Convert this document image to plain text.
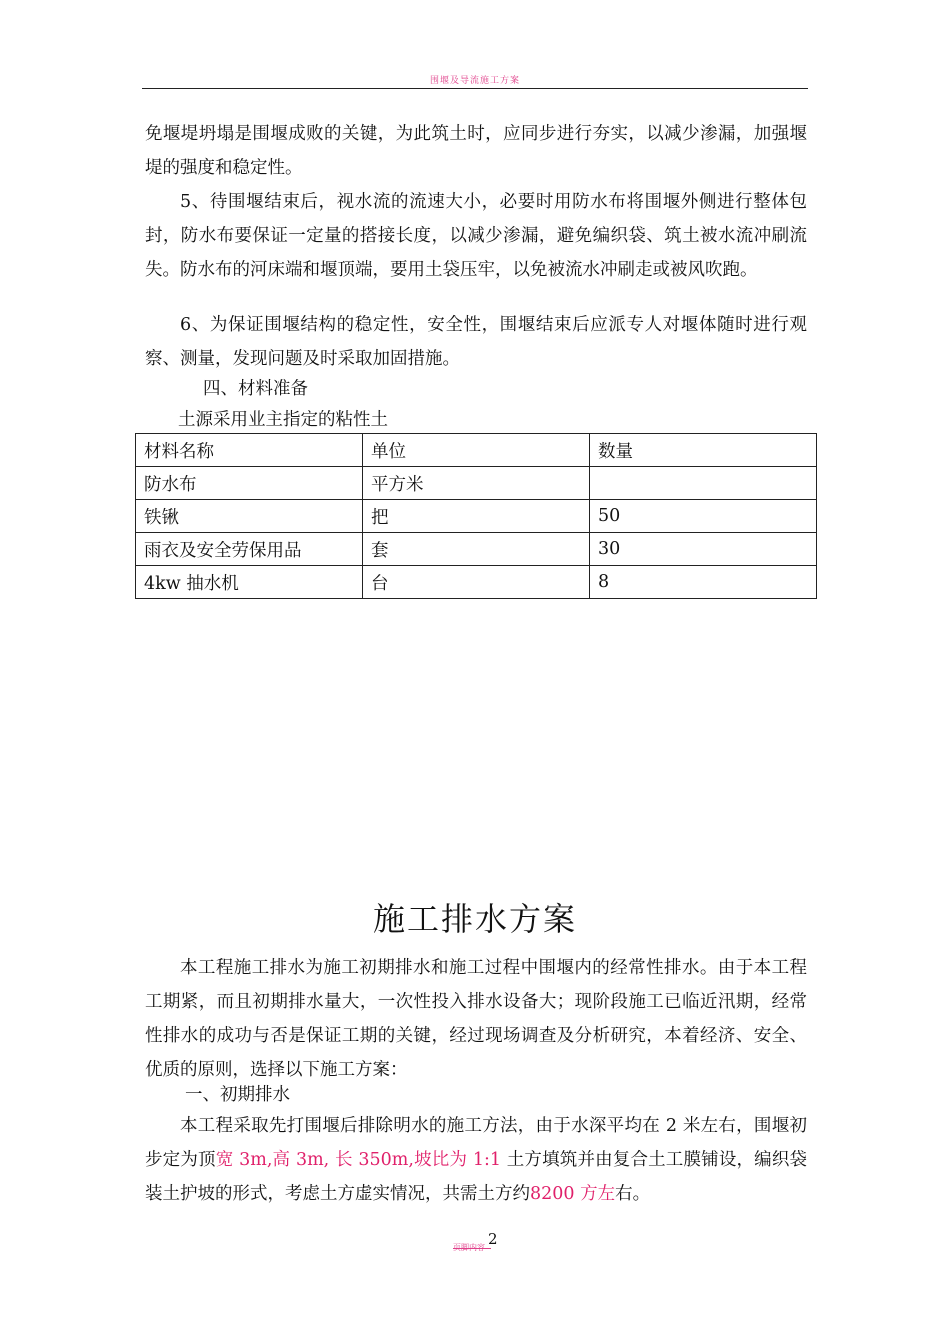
围堰及导流施工方案
免堰堤坍塌是围堰成败的关键，为此筑土时，应同步进行夯实，以减少渗漏，加强堰堤的强度和稳定性。
5、待围堰结束后，视水流的流速大小，必要时用防水布将围堰外侧进行整体包封，防水布要保证一定量的搭接长度，以减少渗漏，避免编织袋、筑土被水流冲刷流失。防水布的河床端和堰顶端，要用土袋压牢，以免被流水冲刷走或被风吹跑。
6、为保证围堰结构的稳定性，安全性，围堰结束后应派专人对堰体随时进行观察、测量，发现问题及时采取加固措施。
四、材料准备
土源采用业主指定的粘性土
材料名称	单位	数量
防水布	平方米	
铁锹	把	50
雨衣及安全劳保用品	套	30
4kw 抽水机	台	8
施工排水方案
本工程施工排水为施工初期排水和施工过程中围堰内的经常性排水。由于本工程工期紧，而且初期排水量大，一次性投入排水设备大；现阶段施工已临近汛期，经常性排水的成功与否是保证工期的关键，经过现场调查及分析研究，本着经济、安全、优质的原则，选择以下施工方案：
一、初期排水
本工程采取先打围堰后排除明水的施工方法，由于水深平均在 2 米左右，围堰初步定为顶宽 3m,高 3m, 长 350m,坡比为 1:1 土方填筑并由复合土工膜铺设，编织袋装土护坡的形式，考虑土方虚实情况，共需土方约8200 方左右。
页脚内容 2
